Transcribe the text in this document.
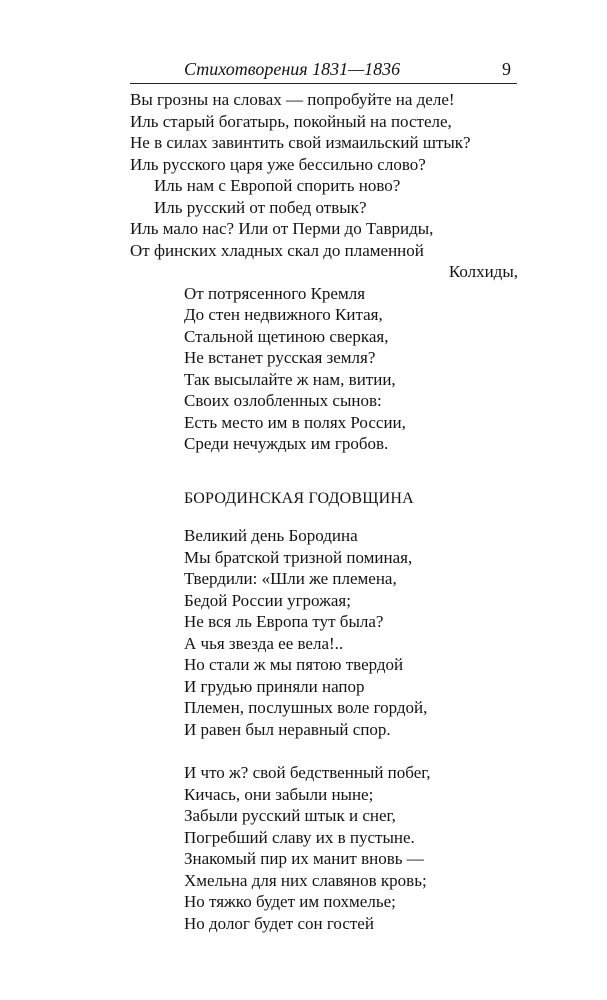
Стихотворения 1831—1836	9
Вы грозны на словах — попробуйте на деле!
Иль старый богатырь, покойный на постеле,
Не в силах завинтить свой измаильский штык?
Иль русского царя уже бессильно слово?
Иль нам с Европой спорить ново?
Иль русский от побед отвык?
Иль мало нас? Или от Перми до Тавриды,
От финских хладных скал до пламенной
Колхиды,
От потрясенного Кремля
До стен недвижного Китая,
Стальной щетиною сверкая,
Не встанет русская земля?
Так высылайте ж нам, витии,
Своих озлобленных сынов:
Есть место им в полях России,
Среди нечуждых им гробов.
БОРОДИНСКАЯ ГОДОВЩИНА
Великий день Бородина
Мы братской тризной поминая,
Твердили: «Шли же племена,
Бедой России угрожая;
Не вся ль Европа тут была?
А чья звезда ее вела!..
Но стали ж мы пятою твердой
И грудью приняли напор
Племен, послушных воле гордой,
И равен был неравный спор.
И что ж? свой бедственный побег,
Кичась, они забыли ныне;
Забыли русский штык и снег,
Погребший славу их в пустыне.
Знакомый пир их манит вновь —
Хмельна для них славянов кровь;
Но тяжко будет им похмелье;
Но долог будет сон гостей
